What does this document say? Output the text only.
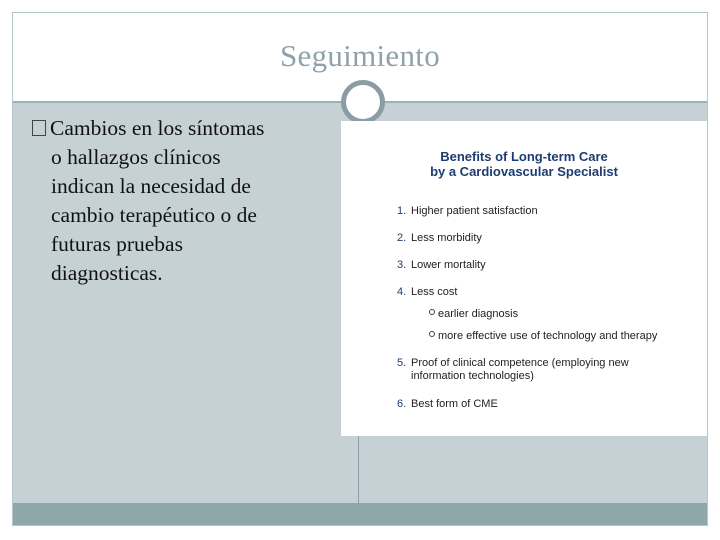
Seguimiento
Cambios en los síntomas
o hallazgos clínicos
indican la necesidad de
cambio terapéutico o de
futuras pruebas
diagnosticas.
Benefits of Long-term Care
by a Cardiovascular Specialist
1. Higher patient satisfaction
2. Less morbidity
3. Lower mortality
4. Less cost
earlier diagnosis
more effective use of technology and therapy
5. Proof of clinical competence (employing new
information technologies)
6. Best form of CME
